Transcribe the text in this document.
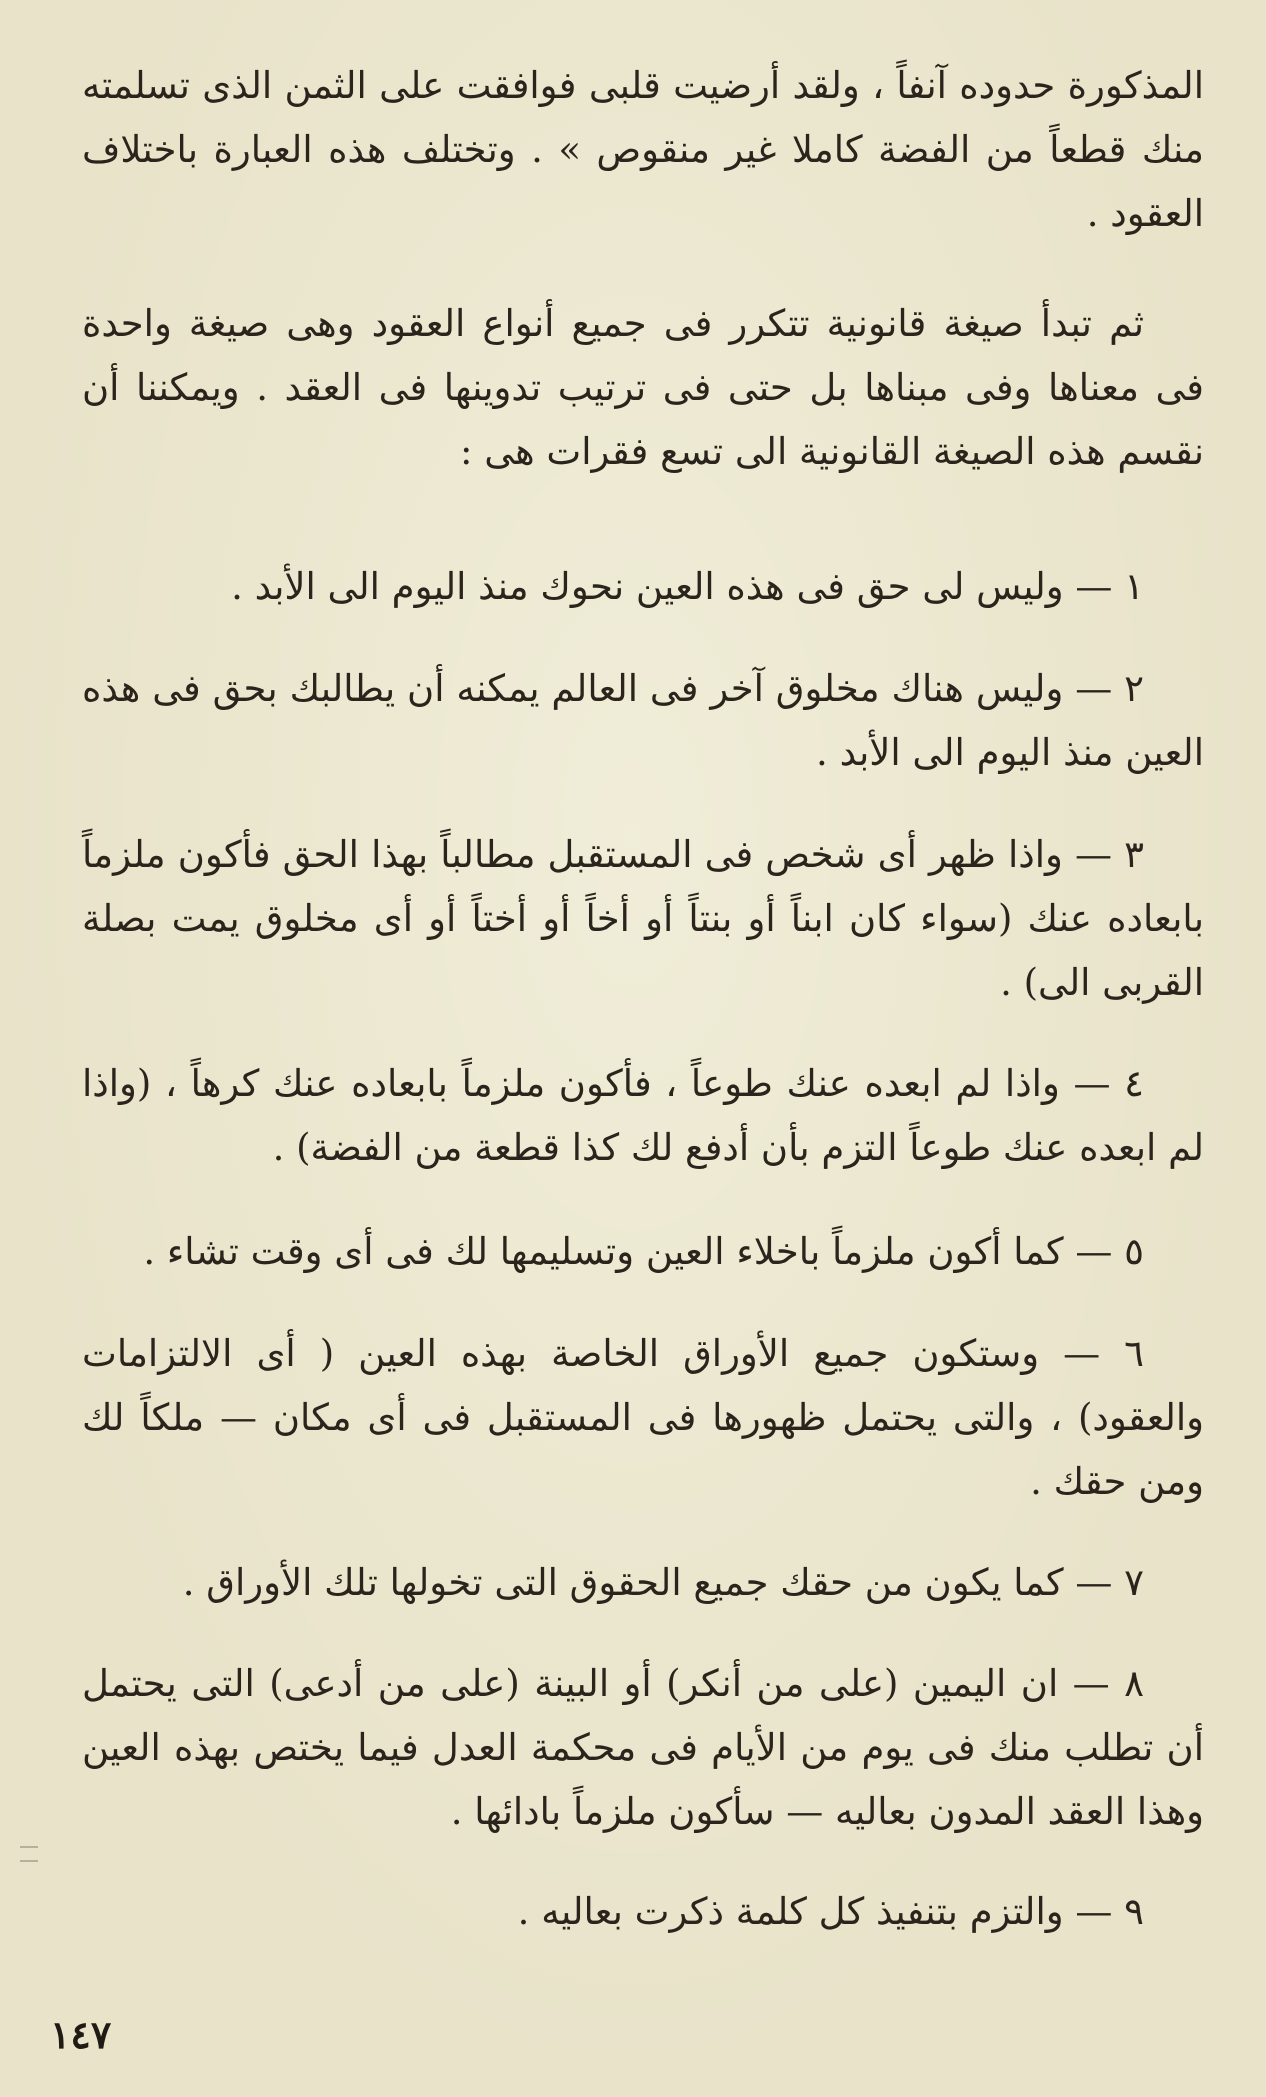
المذكورة حدوده آنفاً ، ولقد أرضيت قلبى فوافقت على الثمن الذى تسلمته منك قطعاً من الفضة كاملا غير منقوص » . وتختلف هذه العبارة باختلاف العقود .

ثم تبدأ صيغة قانونية تتكرر فى جميع أنواع العقود وهى صيغة واحدة فى معناها وفى مبناها بل حتى فى ترتيب تدوينها فى العقد . ويمكننا أن نقسم هذه الصيغة القانونية الى تسع فقرات هى :

١ — وليس لى حق فى هذه العين نحوك منذ اليوم الى الأبد .

٢ — وليس هناك مخلوق آخر فى العالم يمكنه أن يطالبك بحق فى هذه العين منذ اليوم الى الأبد .

٣ — واذا ظهر أى شخص فى المستقبل مطالباً بهذا الحق فأكون ملزماً بابعاده عنك (سواء كان ابناً أو بنتاً أو أخاً أو أختاً أو أى مخلوق يمت بصلة القربى الى) .

٤ — واذا لم ابعده عنك طوعاً ، فأكون ملزماً بابعاده عنك كرهاً ، (واذا لم ابعده عنك طوعاً التزم بأن أدفع لك كذا قطعة من الفضة) .

٥ — كما أكون ملزماً باخلاء العين وتسليمها لك فى أى وقت تشاء .

٦ — وستكون جميع الأوراق الخاصة بهذه العين ( أى الالتزامات والعقود) ، والتى يحتمل ظهورها فى المستقبل فى أى مكان — ملكاً لك ومن حقك .

٧ — كما يكون من حقك جميع الحقوق التى تخولها تلك الأوراق .

٨ — ان اليمين (على من أنكر) أو البينة (على من أدعى) التى يحتمل أن تطلب منك فى يوم من الأيام فى محكمة العدل فيما يختص بهذه العين وهذا العقد المدون بعاليه — سأكون ملزماً بادائها .

٩ — والتزم بتنفيذ كل كلمة ذكرت بعاليه .

١٤٧
